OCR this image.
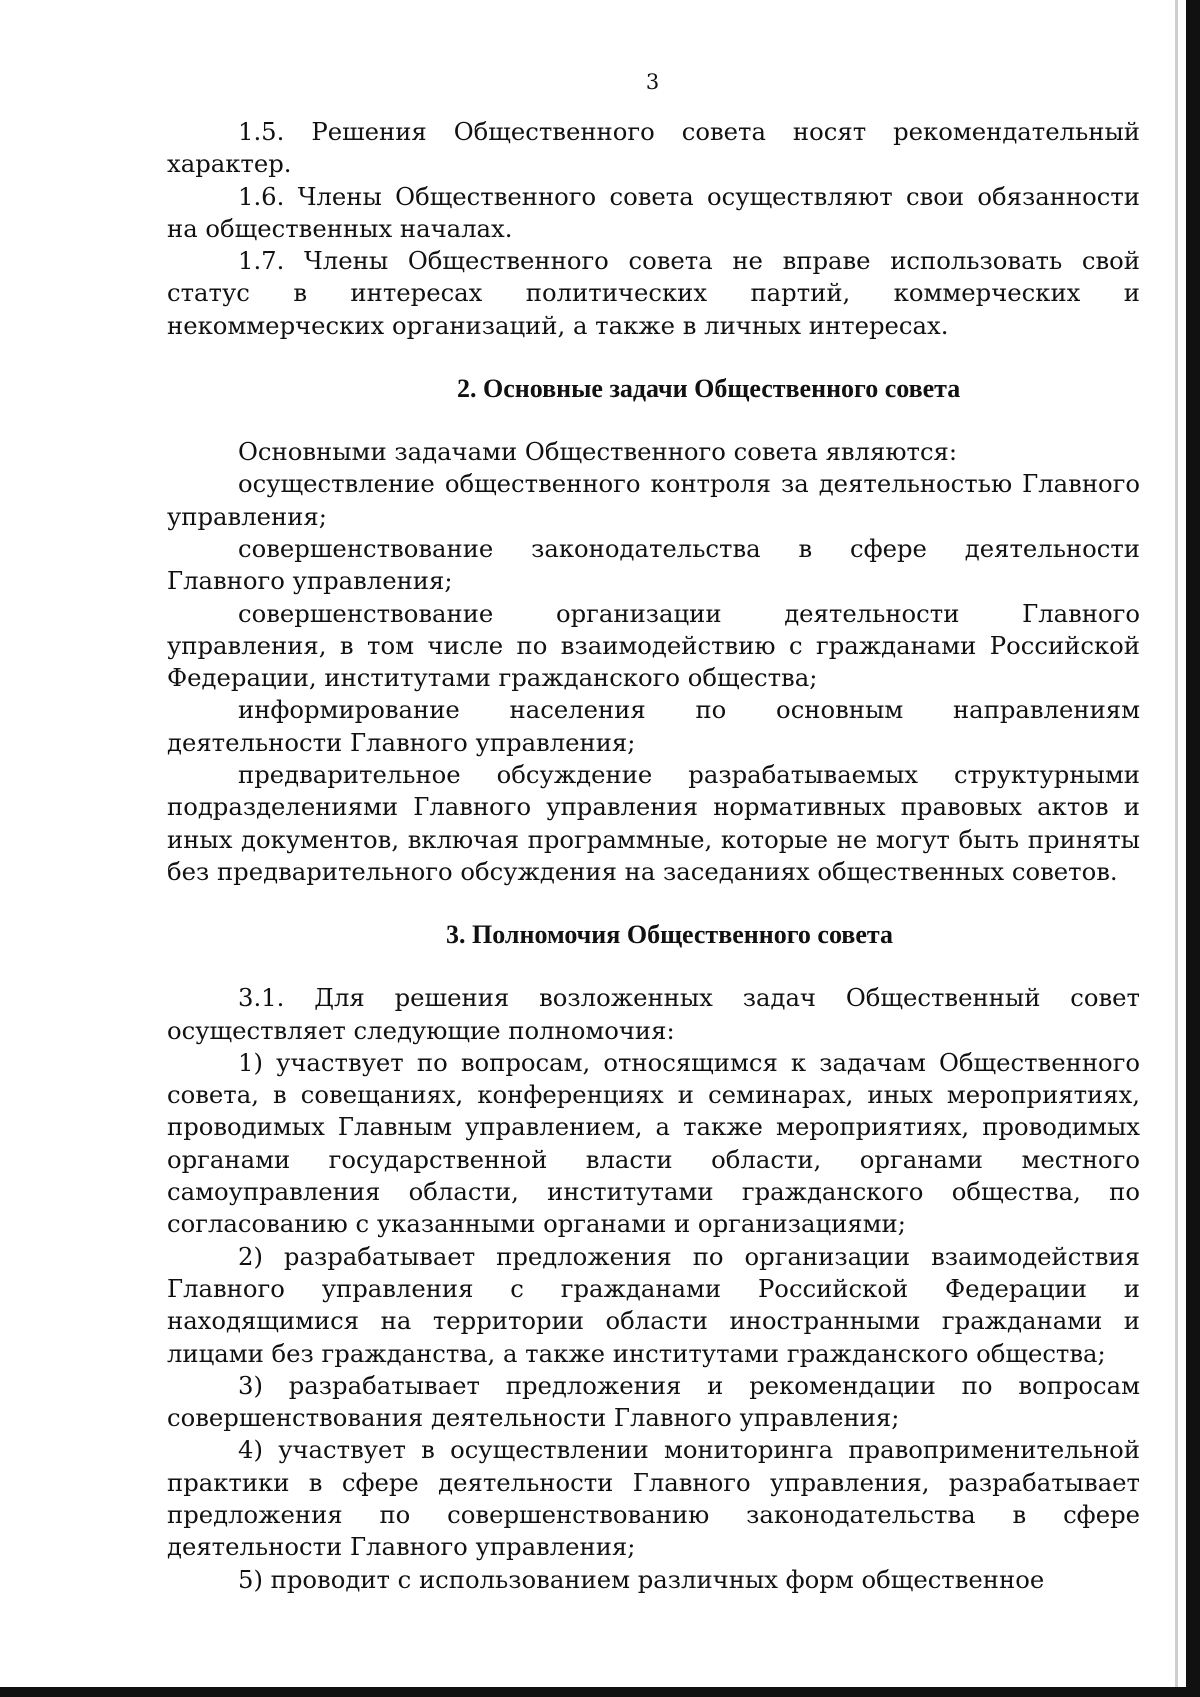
3

1.5. Решения Общественного совета носят рекомендательный характер.

1.6. Члены Общественного совета осуществляют свои обязанности на общественных началах.

1.7. Члены Общественного совета не вправе использовать свой статус в интересах политических партий, коммерческих и некоммерческих организаций, а также в личных интересах.

2. Основные задачи Общественного совета

Основными задачами Общественного совета являются:

осуществление общественного контроля за деятельностью Главного управления;

совершенствование законодательства в сфере деятельности Главного управления;

совершенствование организации деятельности Главного управления, в том числе по взаимодействию с гражданами Российской Федерации, институтами гражданского общества;

информирование населения по основным направлениям деятельности Главного управления;

предварительное обсуждение разрабатываемых структурными подразделениями Главного управления нормативных правовых актов и иных документов, включая программные, которые не могут быть приняты без предварительного обсуждения на заседаниях общественных советов.

3. Полномочия Общественного совета

3.1. Для решения возложенных задач Общественный совет осуществляет следующие полномочия:

1) участвует по вопросам, относящимся к задачам Общественного совета, в совещаниях, конференциях и семинарах, иных мероприятиях, проводимых Главным управлением, а также мероприятиях, проводимых органами государственной власти области, органами местного самоуправления области, институтами гражданского общества, по согласованию с указанными органами и организациями;

2) разрабатывает предложения по организации взаимодействия Главного управления с гражданами Российской Федерации и находящимися на территории области иностранными гражданами и лицами без гражданства, а также институтами гражданского общества;

3) разрабатывает предложения и рекомендации по вопросам совершенствования деятельности Главного управления;

4) участвует в осуществлении мониторинга правоприменительной практики в сфере деятельности Главного управления, разрабатывает предложения по совершенствованию законодательства в сфере деятельности Главного управления;

5) проводит с использованием различных форм общественное
